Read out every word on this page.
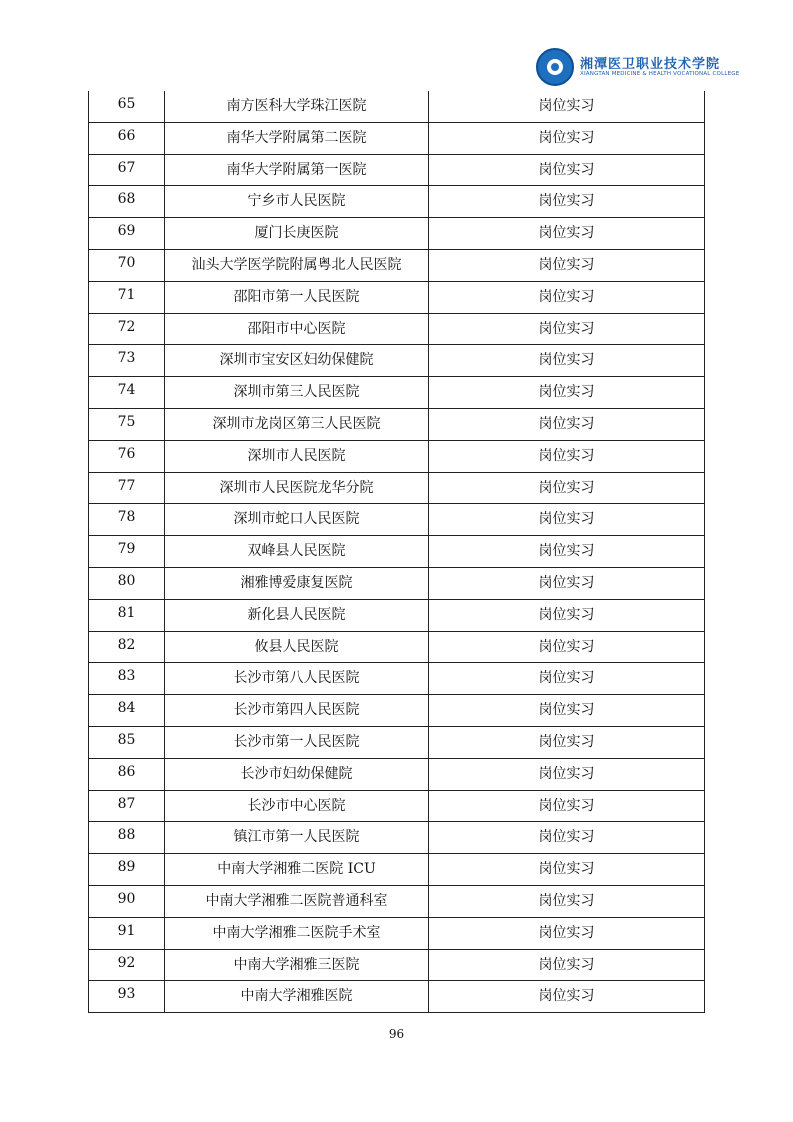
湘潭医卫职业技术学院
XIANGTAN MEDICINE & HEALTH VOCATIONAL COLLEGE
65	南方医科大学珠江医院	岗位实习

66	南华大学附属第二医院	岗位实习

67	南华大学附属第一医院	岗位实习

68	宁乡市人民医院	岗位实习

69	厦门长庚医院	岗位实习

70	汕头大学医学院附属粤北人民医院	岗位实习

71	邵阳市第一人民医院	岗位实习

72	邵阳市中心医院	岗位实习

73	深圳市宝安区妇幼保健院	岗位实习

74	深圳市第三人民医院	岗位实习

75	深圳市龙岗区第三人民医院	岗位实习

76	深圳市人民医院	岗位实习

77	深圳市人民医院龙华分院	岗位实习

78	深圳市蛇口人民医院	岗位实习

79	双峰县人民医院	岗位实习

80	湘雅博爱康复医院	岗位实习

81	新化县人民医院	岗位实习

82	攸县人民医院	岗位实习

83	长沙市第八人民医院	岗位实习

84	长沙市第四人民医院	岗位实习

85	长沙市第一人民医院	岗位实习

86	长沙市妇幼保健院	岗位实习

87	长沙市中心医院	岗位实习

88	镇江市第一人民医院	岗位实习

89	中南大学湘雅二医院 ICU	岗位实习

90	中南大学湘雅二医院普通科室	岗位实习

91	中南大学湘雅二医院手术室	岗位实习

92	中南大学湘雅三医院	岗位实习

93	中南大学湘雅医院	岗位实习
96
